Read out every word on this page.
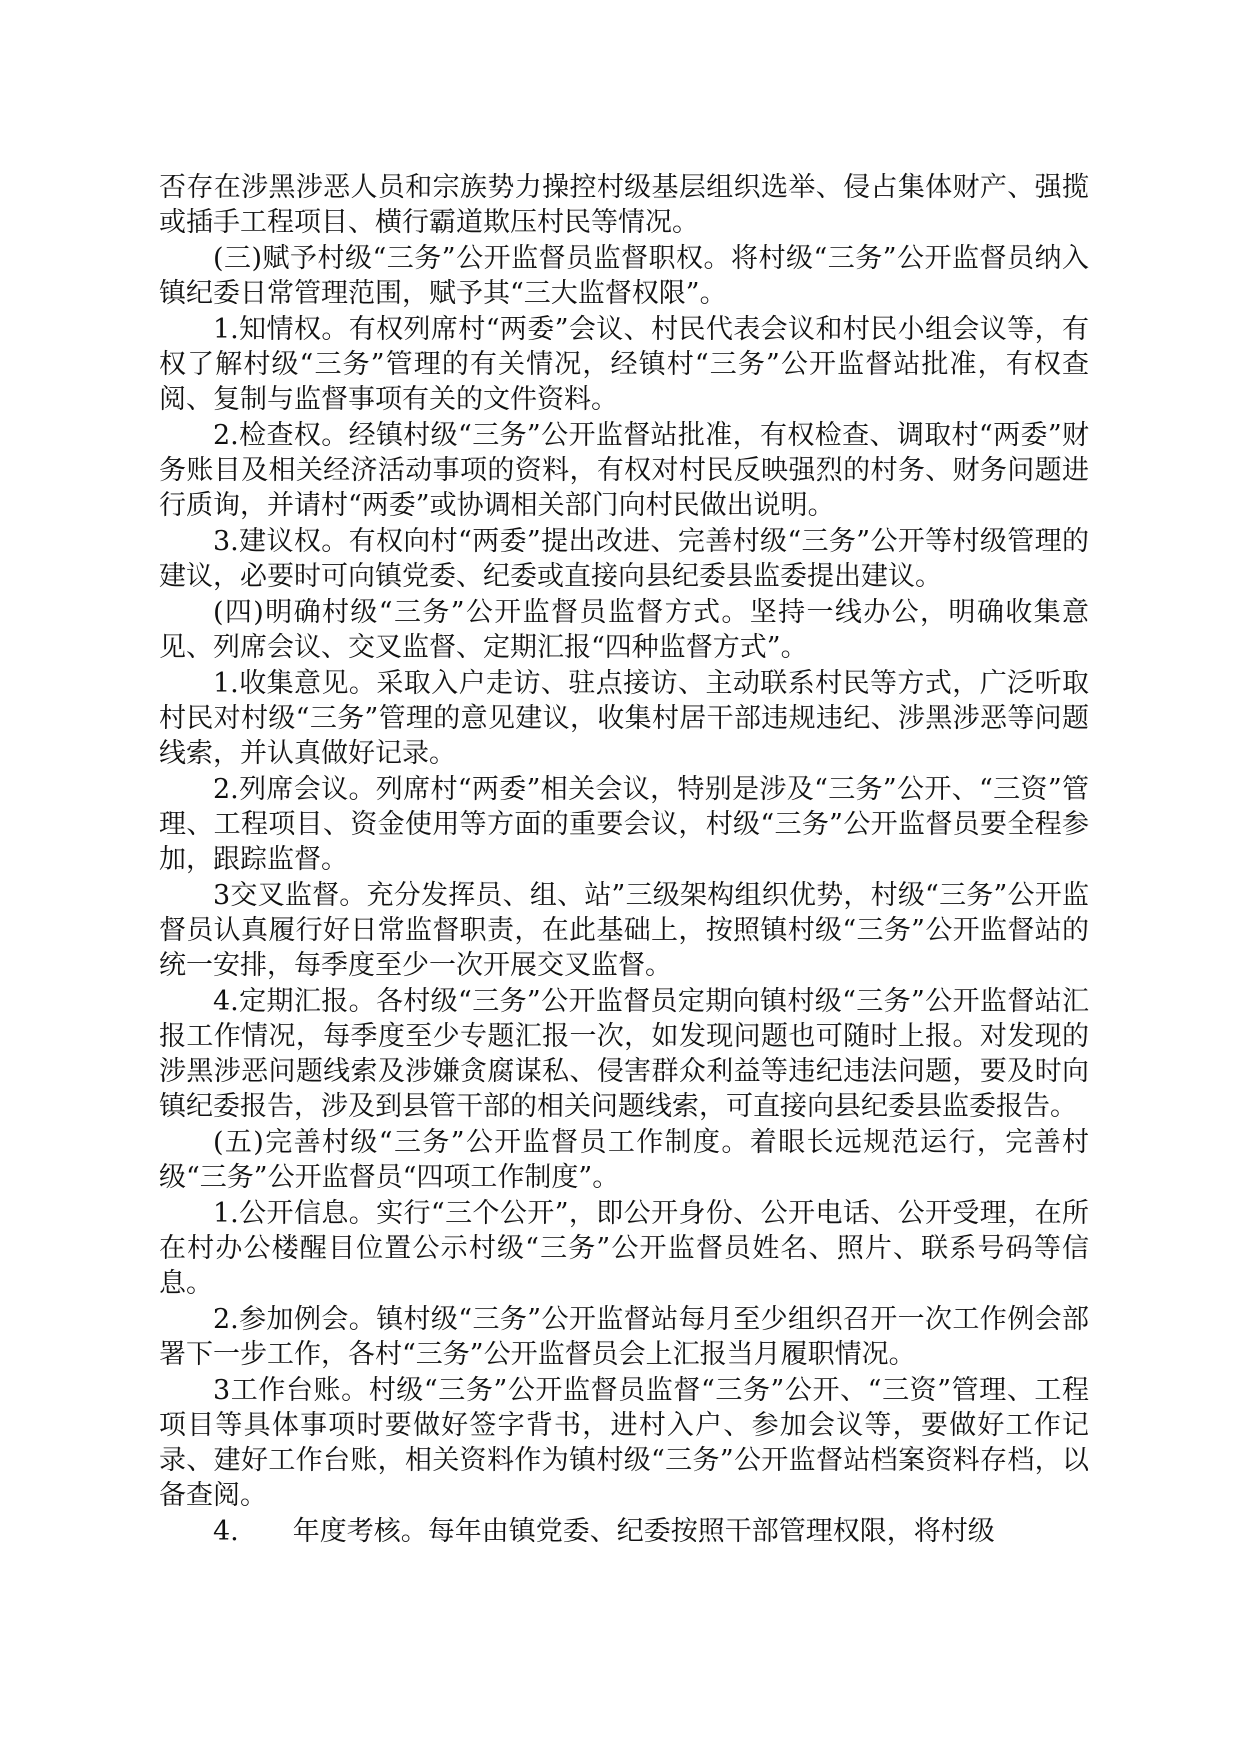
否存在涉黑涉恶人员和宗族势力操控村级基层组织选举、侵占集体财产、强揽或插手工程项目、横行霸道欺压村民等情况。

(三)赋予村级“三务”公开监督员监督职权。将村级“三务”公开监督员纳入镇纪委日常管理范围，赋予其“三大监督权限”。

1.知情权。有权列席村“两委”会议、村民代表会议和村民小组会议等，有权了解村级“三务”管理的有关情况，经镇村“三务”公开监督站批准，有权查阅、复制与监督事项有关的文件资料。

2.检查权。经镇村级“三务”公开监督站批准，有权检查、调取村“两委”财务账目及相关经济活动事项的资料，有权对村民反映强烈的村务、财务问题进行质询，并请村“两委”或协调相关部门向村民做出说明。

3.建议权。有权向村“两委”提出改进、完善村级“三务”公开等村级管理的建议，必要时可向镇党委、纪委或直接向县纪委县监委提出建议。

(四)明确村级“三务”公开监督员监督方式。坚持一线办公，明确收集意见、列席会议、交叉监督、定期汇报“四种监督方式”。

1.收集意见。采取入户走访、驻点接访、主动联系村民等方式，广泛听取村民对村级“三务”管理的意见建议，收集村居干部违规违纪、涉黑涉恶等问题线索，并认真做好记录。

2.列席会议。列席村“两委”相关会议，特别是涉及“三务”公开、“三资”管理、工程项目、资金使用等方面的重要会议，村级“三务”公开监督员要全程参加，跟踪监督。

3交叉监督。充分发挥员、组、站”三级架构组织优势，村级“三务”公开监督员认真履行好日常监督职责，在此基础上，按照镇村级“三务”公开监督站的统一安排，每季度至少一次开展交叉监督。

4.定期汇报。各村级“三务”公开监督员定期向镇村级“三务”公开监督站汇报工作情况，每季度至少专题汇报一次，如发现问题也可随时上报。对发现的涉黑涉恶问题线索及涉嫌贪腐谋私、侵害群众利益等违纪违法问题，要及时向镇纪委报告，涉及到县管干部的相关问题线索，可直接向县纪委县监委报告。

(五)完善村级“三务”公开监督员工作制度。着眼长远规范运行，完善村级“三务”公开监督员“四项工作制度”。

1.公开信息。实行“三个公开”，即公开身份、公开电话、公开受理，在所在村办公楼醒目位置公示村级“三务”公开监督员姓名、照片、联系号码等信息。

2.参加例会。镇村级“三务”公开监督站每月至少组织召开一次工作例会部署下一步工作，各村“三务”公开监督员会上汇报当月履职情况。

3工作台账。村级“三务”公开监督员监督“三务”公开、“三资”管理、工程项目等具体事项时要做好签字背书，进村入户、参加会议等，要做好工作记录、建好工作台账，相关资料作为镇村级“三务”公开监督站档案资料存档，以备查阅。

4.　　年度考核。每年由镇党委、纪委按照干部管理权限，将村级
